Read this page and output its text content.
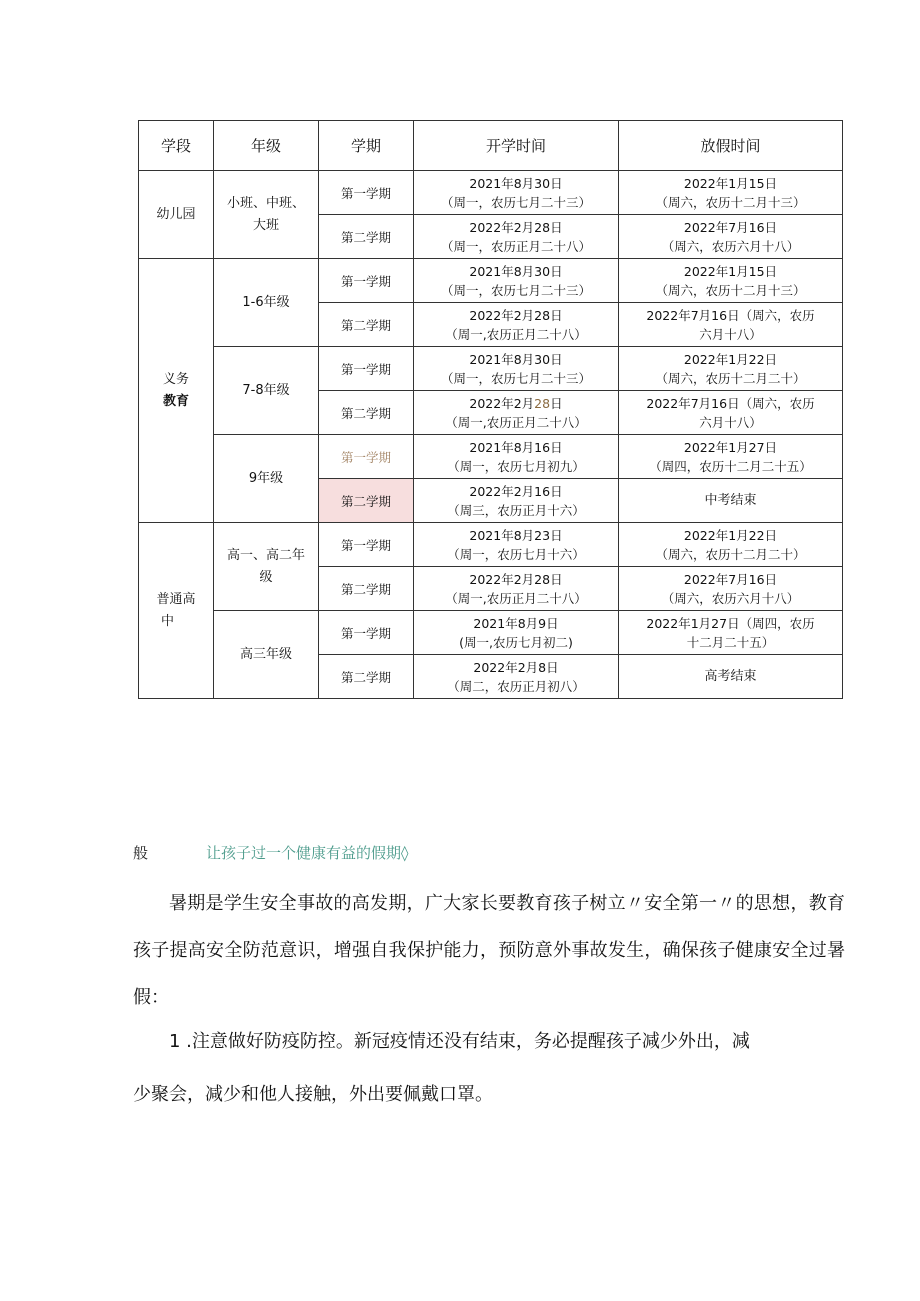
学段	年级	学期	开学时间	放假时间
幼儿园	小班、中班、
大班	第一学期	2021年8月30日
（周一，农历七月二十三）	2022年1月15日
（周六，农历十二月十三）

		第二学期	2022年2月28日
（周一，农历正月二十八）	2022年7月16日
（周六，农历六月十八）

义务
教育	1-6年级	第一学期	2021年8月30日
（周一，农历七月二十三）	2022年1月15日
（周六，农历十二月十三）

		第二学期	2022年2月28日
（周一,农历正月二十八）	2022年7月16日（周六，农历
六月十八）

	7-8年级	第一学期	2021年8月30日
（周一，农历七月二十三）	2022年1月22日
（周六，农历十二月二十）

		第二学期	2022年2月28日
（周一,农历正月二十八）	2022年7月16日（周六，农历
六月十八）

	9年级	第一学期	2021年8月16日
（周一，农历七月初九）	2022年1月27日
（周四，农历十二月二十五）

		第二学期	2022年2月16日
（周三，农历正月十六）	中考结束

普通高
中	高一、高二年
级	第一学期	2021年8月23日
（周一，农历七月十六）	2022年1月22日
（周六，农历十二月二十）

		第二学期	2022年2月28日
（周一,农历正月二十八）	2022年7月16日
（周六，农历六月十八）

	高三年级	第一学期	2021年8月9日
(周一,农历七月初二)	2022年1月27日（周四，农历
十二月二十五）

		第二学期	2022年2月8日
（周二，农历正月初八）	高考结束
般	让孩子过一个健康有益的假期◊
暑期是学生安全事故的高发期，广大家长要教育孩子树立〃安全第一〃的思想，教育孩子提高安全防范意识，增强自我保护能力，预防意外事故发生，确保孩子健康安全过暑假：
1 .注意做好防疫防控。新冠疫情还没有结束，务必提醒孩子减少外出，减
少聚会，减少和他人接触，外出要佩戴口罩。
